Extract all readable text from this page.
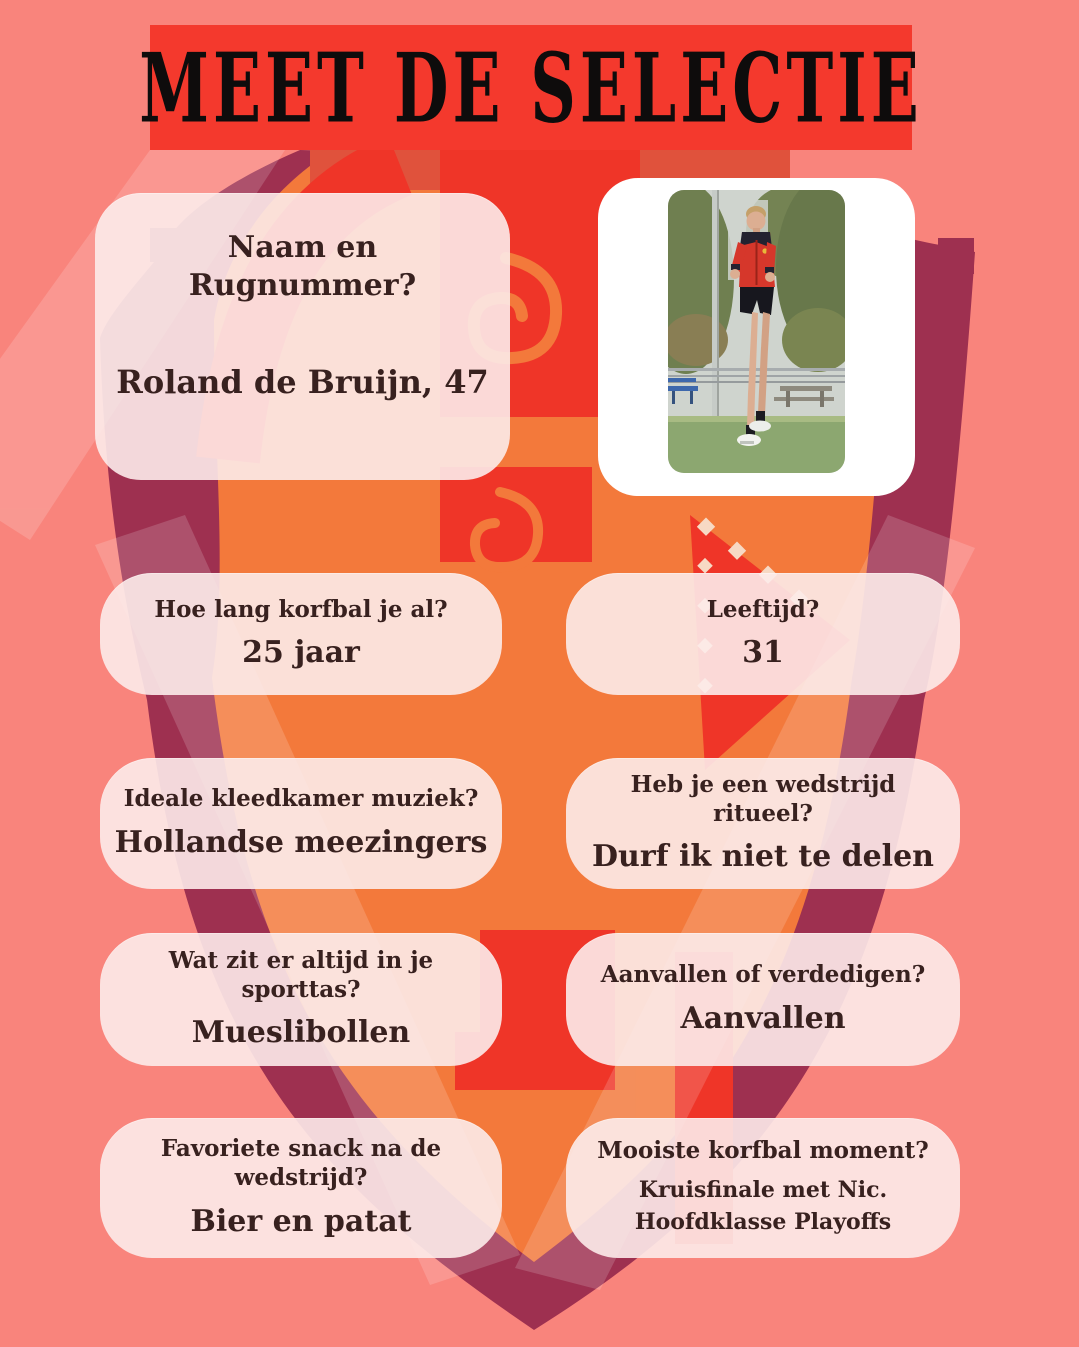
MEET DE SELECTIE
Naam en Rugnummer?
Roland de Bruijn, 47
Hoe lang korfbal je al?
25 jaar
Leeftijd?
31
Ideale kleedkamer muziek?
Hollandse meezingers
Heb je een wedstrijd ritueel?
Durf ik niet te delen
Wat zit er altijd in je sporttas?
Mueslibollen
Aanvallen of verdedigen?
Aanvallen
Favoriete snack na de wedstrijd?
Bier en patat
Mooiste korfbal moment?
Kruisfinale met Nic. Hoofdklasse Playoffs
